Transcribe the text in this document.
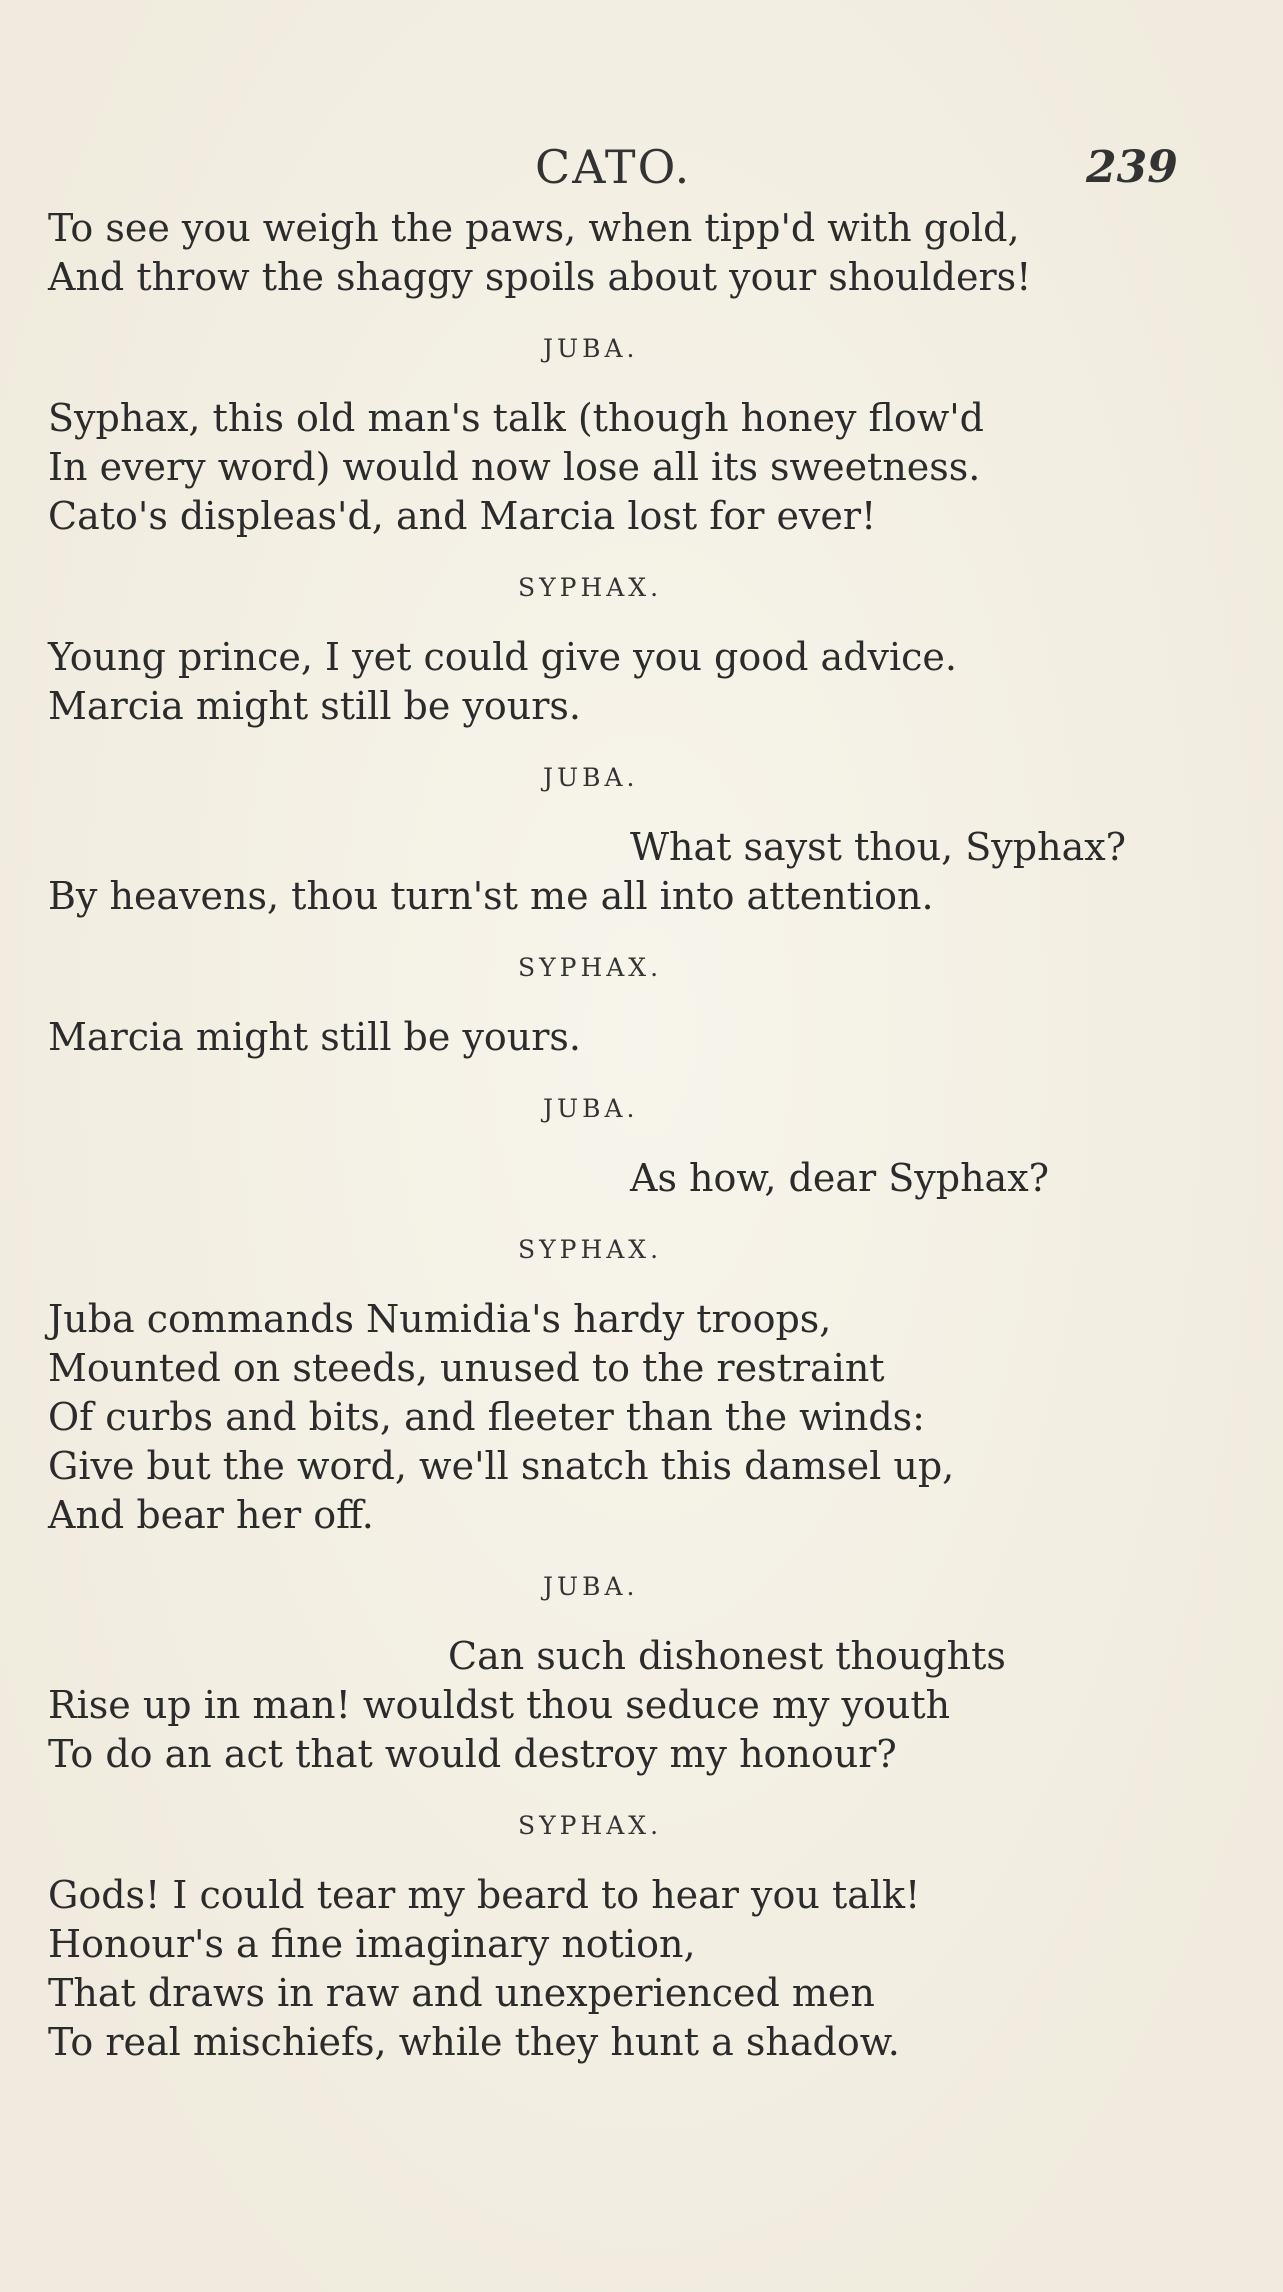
CATO.	239
To see you weigh the paws, when tipp'd with gold,
And throw the shaggy spoils about your shoulders!
JUBA.
Syphax, this old man's talk (though honey flow'd
In every word) would now lose all its sweetness.
Cato's displeas'd, and Marcia lost for ever!
SYPHAX.
Young prince, I yet could give you good advice.
Marcia might still be yours.
JUBA.
What sayst thou, Syphax?
By heavens, thou turn'st me all into attention.
SYPHAX.
Marcia might still be yours.
JUBA.
As how, dear Syphax?
SYPHAX.
Juba commands Numidia's hardy troops,
Mounted on steeds, unused to the restraint
Of curbs and bits, and fleeter than the winds:
Give but the word, we'll snatch this damsel up,
And bear her off.
JUBA.
Can such dishonest thoughts
Rise up in man! wouldst thou seduce my youth
To do an act that would destroy my honour?
SYPHAX.
Gods! I could tear my beard to hear you talk!
Honour's a fine imaginary notion,
That draws in raw and unexperienced men
To real mischiefs, while they hunt a shadow.
